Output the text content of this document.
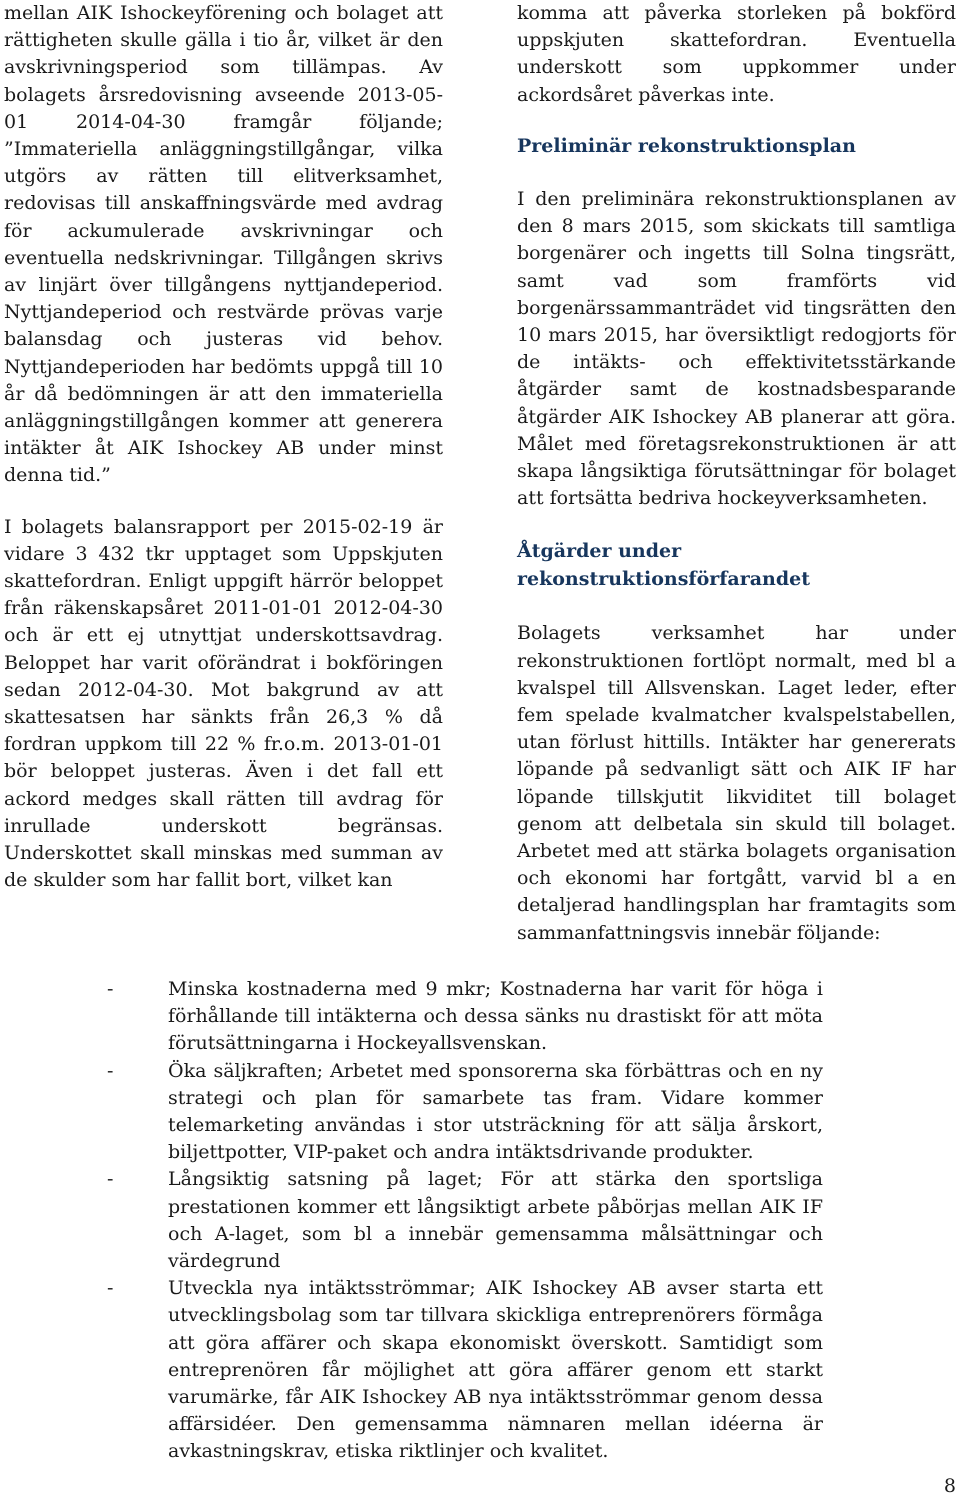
mellan AIK Ishockeyförening och bolaget att rättigheten skulle gälla i tio år, vilket är den avskrivningsperiod som tillämpas. Av bolagets årsredovisning avseende 2013-05-01 2014-04-30 framgår följande; ”Immateriella anläggningstillgångar, vilka utgörs av rätten till elitverksamhet, redovisas till anskaffningsvärde med avdrag för ackumulerade avskrivningar och eventuella nedskrivningar. Tillgången skrivs av linjärt över tillgångens nyttjandeperiod. Nyttjandeperiod och restvärde prövas varje balansdag och justeras vid behov. Nyttjandeperioden har bedömts uppgå till 10 år då bedömningen är att den immateriella anläggningstillgången kommer att generera intäkter åt AIK Ishockey AB under minst denna tid.”

I bolagets balansrapport per 2015-02-19 är vidare 3 432 tkr upptaget som Uppskjuten skattefordran. Enligt uppgift härrör beloppet från räkenskapsåret 2011-01-01 2012-04-30 och är ett ej utnyttjat underskottsavdrag. Beloppet har varit oförändrat i bokföringen sedan 2012-04-30. Mot bakgrund av att skattesatsen har sänkts från 26,3 % då fordran uppkom till 22 % fr.o.m. 2013-01-01 bör beloppet justeras. Även i det fall ett ackord medges skall rätten till avdrag för inrullade underskott begränsas. Underskottet skall minskas med summan av de skulder som har fallit bort, vilket kan

komma att påverka storleken på bokförd uppskjuten skattefordran. Eventuella underskott som uppkommer under ackordsåret påverkas inte.

Preliminär rekonstruktionsplan

I den preliminära rekonstruktionsplanen av den 8 mars 2015, som skickats till samtliga borgenärer och ingetts till Solna tingsrätt, samt vad som framförts vid borgenärssammanträdet vid tingsrätten den 10 mars 2015, har översiktligt redogjorts för de intäkts- och effektivitetsstärkande åtgärder samt de kostnadsbesparande åtgärder AIK Ishockey AB planerar att göra. Målet med företagsrekonstruktionen är att skapa långsiktiga förutsättningar för bolaget att fortsätta bedriva hockeyverksamheten.

Åtgärder under rekonstruktionsförfarandet

Bolagets verksamhet har under rekonstruktionen fortlöpt normalt, med bl a kvalspel till Allsvenskan. Laget leder, efter fem spelade kvalmatcher kvalspelstabellen, utan förlust hittills. Intäkter har genererats löpande på sedvanligt sätt och AIK IF har löpande tillskjutit likviditet till bolaget genom att delbetala sin skuld till bolaget. Arbetet med att stärka bolagets organisation och ekonomi har fortgått, varvid bl a en detaljerad handlingsplan har framtagits som sammanfattningsvis innebär följande:

-	Minska kostnaderna med 9 mkr; Kostnaderna har varit för höga i förhållande till intäkterna och dessa sänks nu drastiskt för att möta förutsättningarna i Hockeyallsvenskan.
-	Öka säljkraften; Arbetet med sponsorerna ska förbättras och en ny strategi och plan för samarbete tas fram. Vidare kommer telemarketing användas i stor utsträckning för att sälja årskort, biljettpotter, VIP-paket och andra intäktsdrivande produkter.
-	Långsiktig satsning på laget; För att stärka den sportsliga prestationen kommer ett långsiktigt arbete påbörjas mellan AIK IF och A-laget, som bl a innebär gemensamma målsättningar och värdegrund
-	Utveckla nya intäktsströmmar; AIK Ishockey AB avser starta ett utvecklingsbolag som tar tillvara skickliga entreprenörers förmåga att göra affärer och skapa ekonomiskt överskott. Samtidigt som entreprenören får möjlighet att göra affärer genom ett starkt varumärke, får AIK Ishockey AB nya intäktsströmmar genom dessa affärsidéer. Den gemensamma nämnaren mellan idéerna är avkastningskrav, etiska riktlinjer och kvalitet.
8
